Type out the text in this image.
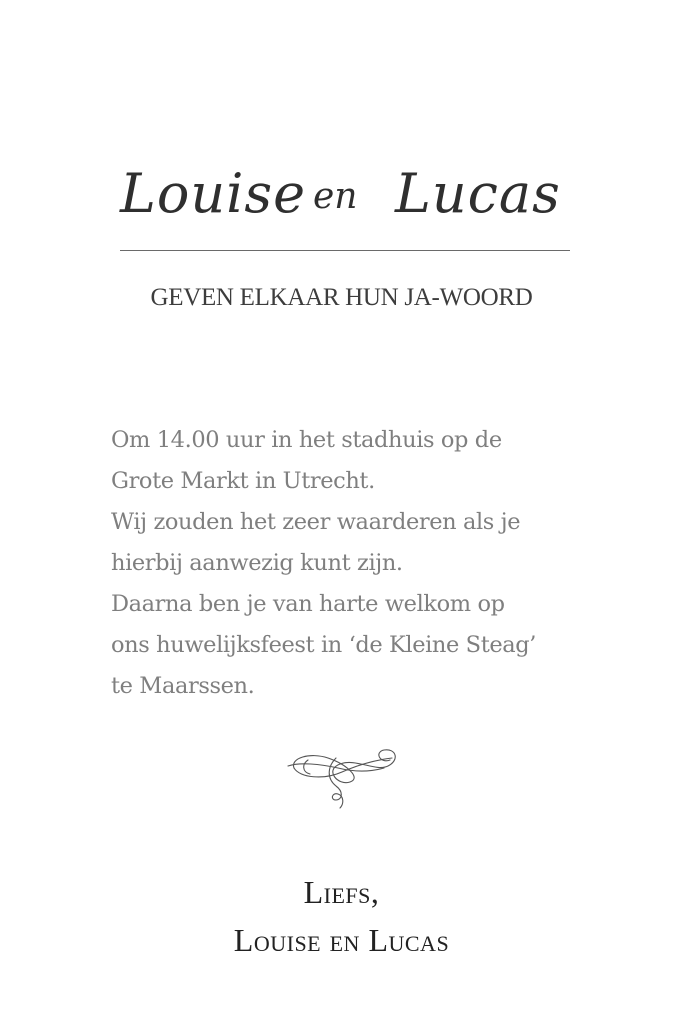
Louise en Lucas
GEVEN ELKAAR HUN JA-WOORD
Om 14.00 uur in het stadhuis op de
Grote Markt in Utrecht.
Wij zouden het zeer waarderen als je
hierbij aanwezig kunt zijn.
Daarna ben je van harte welkom op
ons huwelijksfeest in ‘de Kleine Steag’
te Maarssen.
Liefs,
Louise en Lucas
